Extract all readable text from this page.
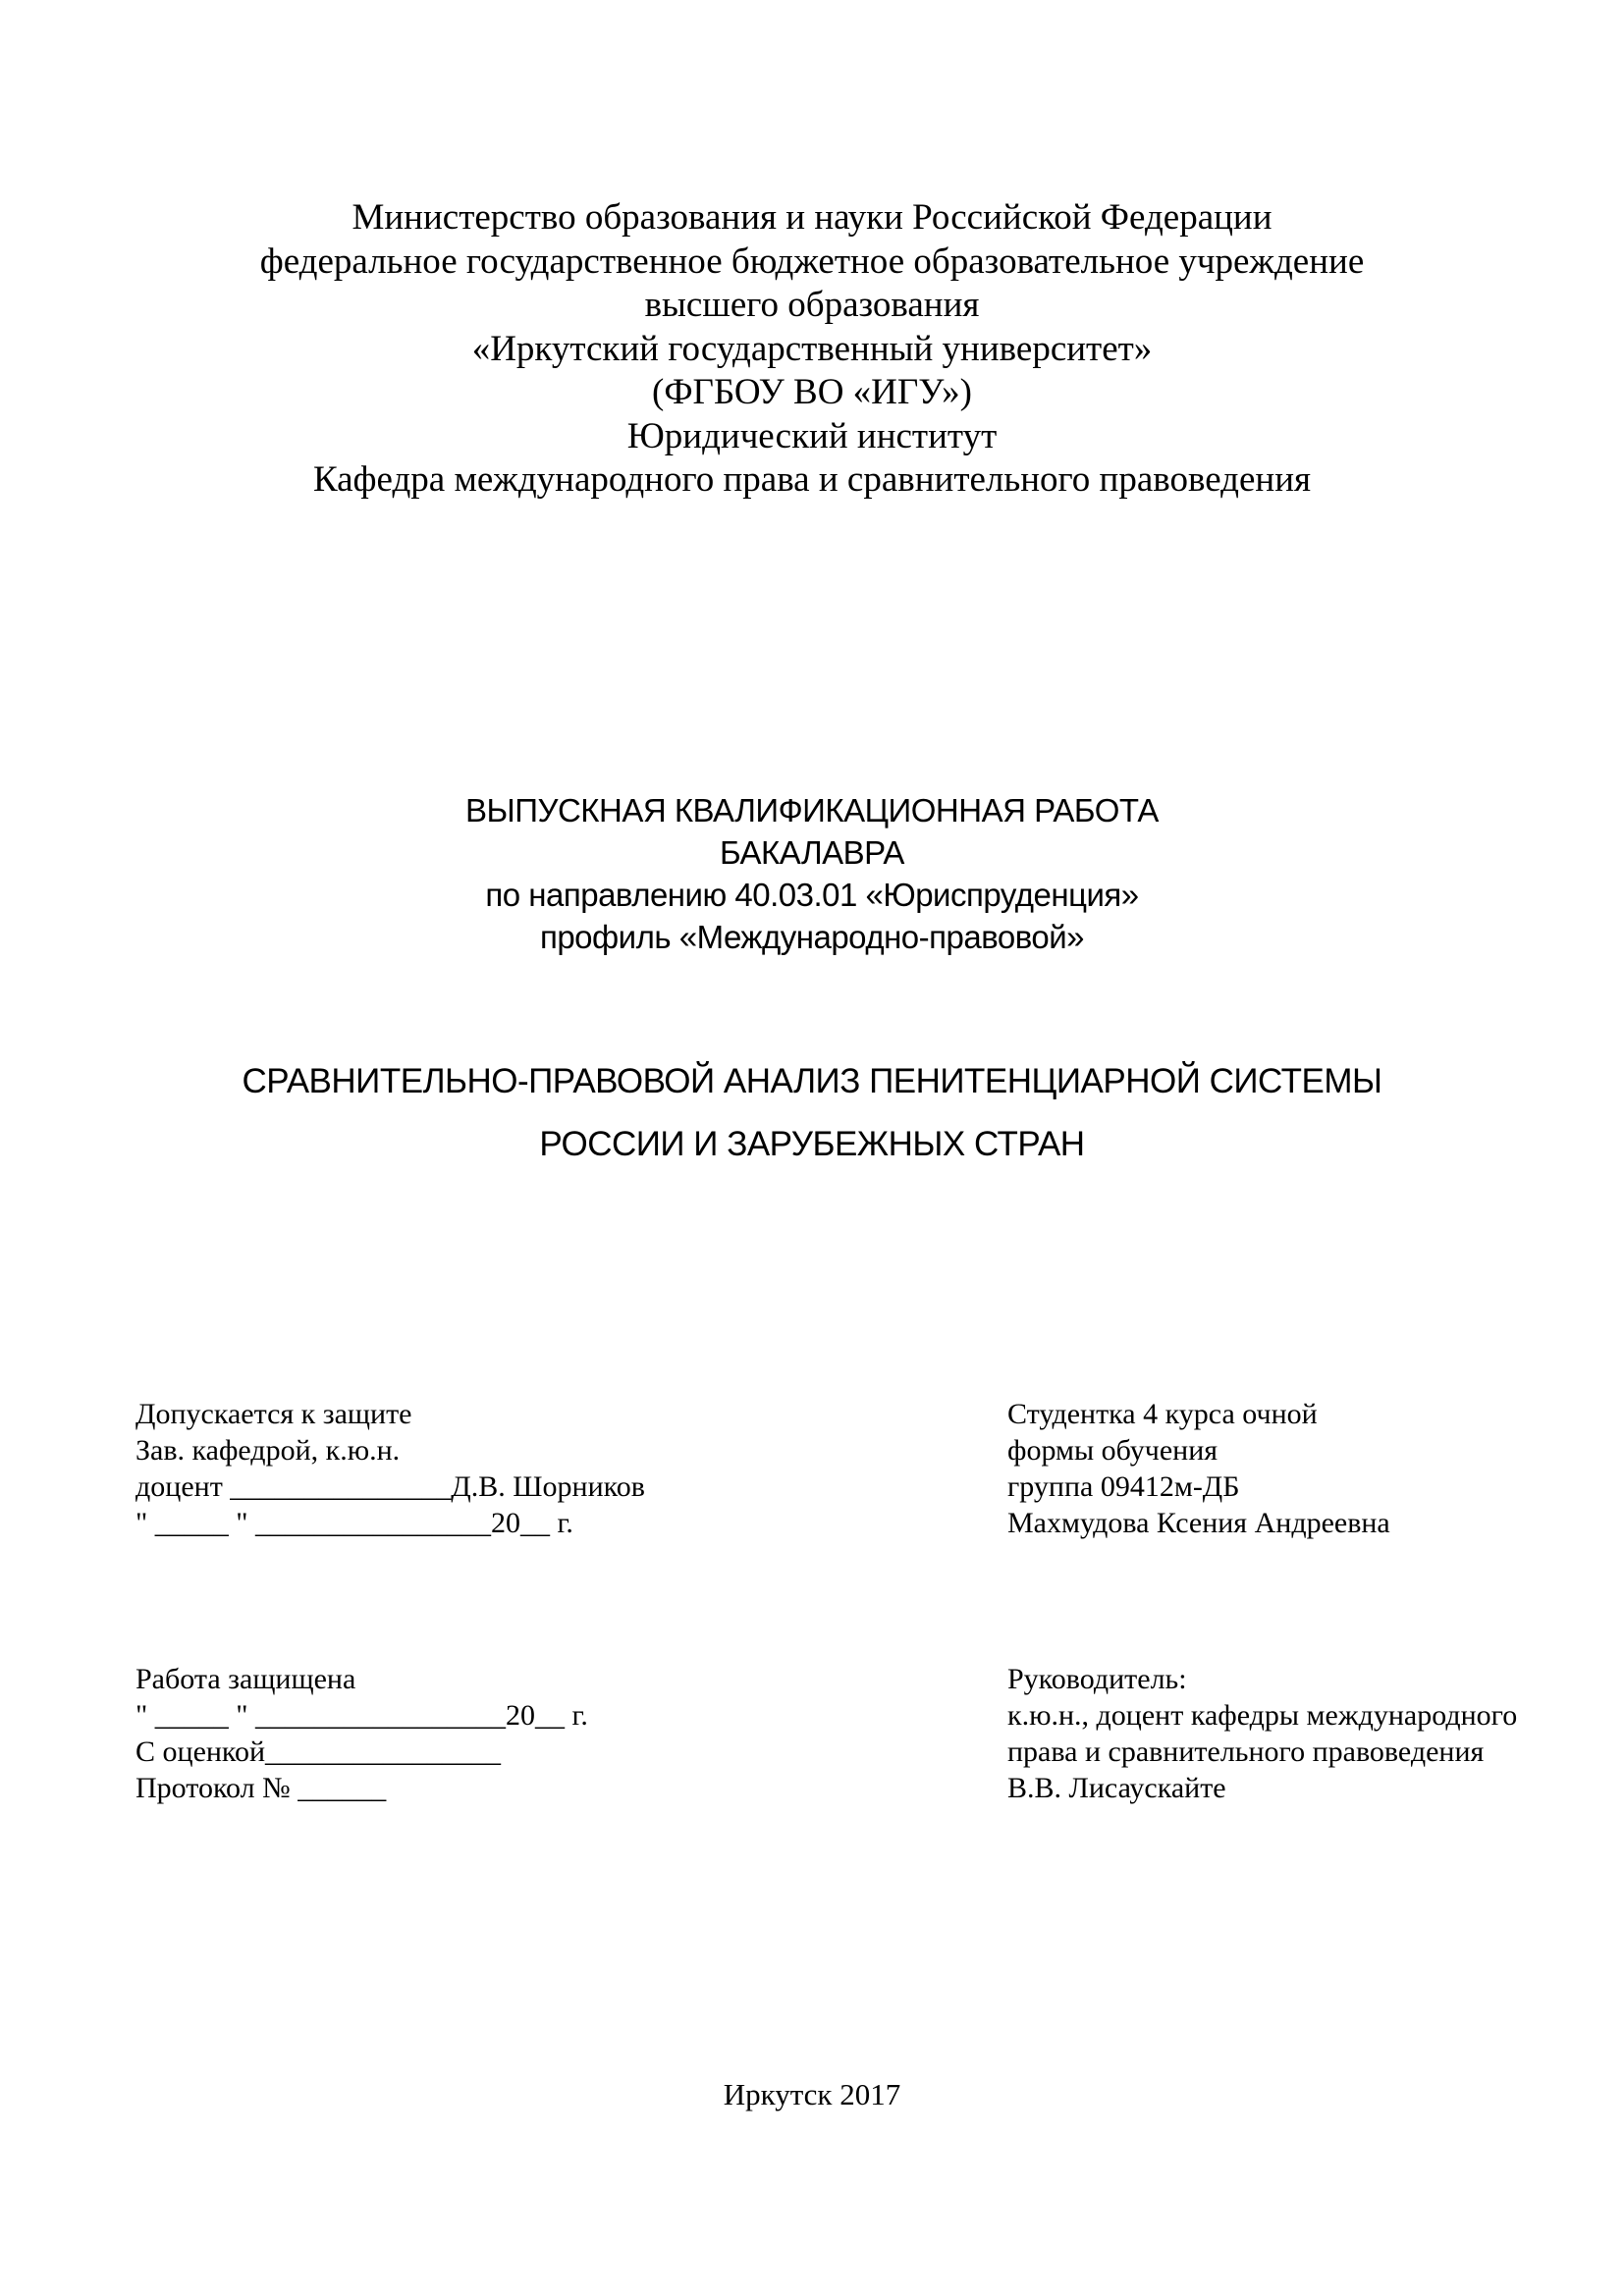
Министерство образования и науки Российской Федерации
федеральное государственное бюджетное образовательное учреждение
высшего образования
«Иркутский государственный университет»
(ФГБОУ ВО «ИГУ»)
Юридический институт
Кафедра международного права и сравнительного правоведения
ВЫПУСКНАЯ КВАЛИФИКАЦИОННАЯ РАБОТА
БАКАЛАВРА
по направлению 40.03.01 «Юриспруденция»
профиль «Международно-правовой»
СРАВНИТЕЛЬНО-ПРАВОВОЙ АНАЛИЗ ПЕНИТЕНЦИАРНОЙ СИСТЕМЫ
РОССИИ И ЗАРУБЕЖНЫХ СТРАН
Допускается к защите
Зав. кафедрой, к.ю.н.
доцент _______________Д.В. Шорников
" _____ " ________________20__ г.
Студентка 4 курса очной
формы обучения
группа 09412м-ДБ
Махмудова Ксения Андреевна
Работа защищена
" _____ " _________________20__ г.
С оценкой________________
Протокол № ______
Руководитель:
к.ю.н., доцент кафедры международного
права и сравнительного правоведения
В.В. Лисаускайте
Иркутск 2017
